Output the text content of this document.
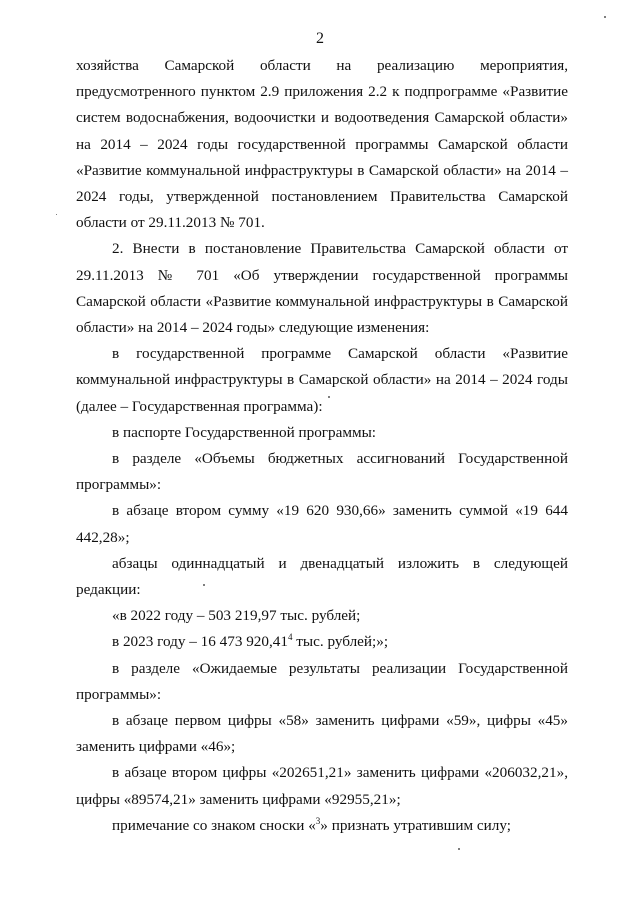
2

хозяйства Самарской области на реализацию мероприятия, предусмотренного пунктом 2.9 приложения 2.2 к подпрограмме «Развитие систем водоснабжения, водоочистки и водоотведения Самарской области» на 2014 – 2024 годы государственной программы Самарской области «Развитие коммунальной инфраструктуры в Самарской области» на 2014 – 2024 годы, утвержденной постановлением Правительства Самарской области от 29.11.2013 № 701.

2. Внести в постановление Правительства Самарской области от 29.11.2013 № 701 «Об утверждении государственной программы Самарской области «Развитие коммунальной инфраструктуры в Самарской области» на 2014 – 2024 годы» следующие изменения:

в государственной программе Самарской области «Развитие коммунальной инфраструктуры в Самарской области» на 2014 – 2024 годы (далее – Государственная программа):

в паспорте Государственной программы:

в разделе «Объемы бюджетных ассигнований Государственной программы»:

в абзаце втором сумму «19 620 930,66» заменить суммой «19 644 442,28»;

абзацы одиннадцатый и двенадцатый изложить в следующей редакции:

«в 2022 году – 503 219,97 тыс. рублей;

в 2023 году – 16 473 920,41$^4$ тыс. рублей;»;

в разделе «Ожидаемые результаты реализации Государственной программы»:

в абзаце первом цифры «58» заменить цифрами «59», цифры «45» заменить цифрами «46»;

в абзаце втором цифры «202651,21» заменить цифрами «206032,21», цифры «89574,21» заменить цифрами «92955,21»;

примечание со знаком сноски «$^3$» признать утратившим силу;
